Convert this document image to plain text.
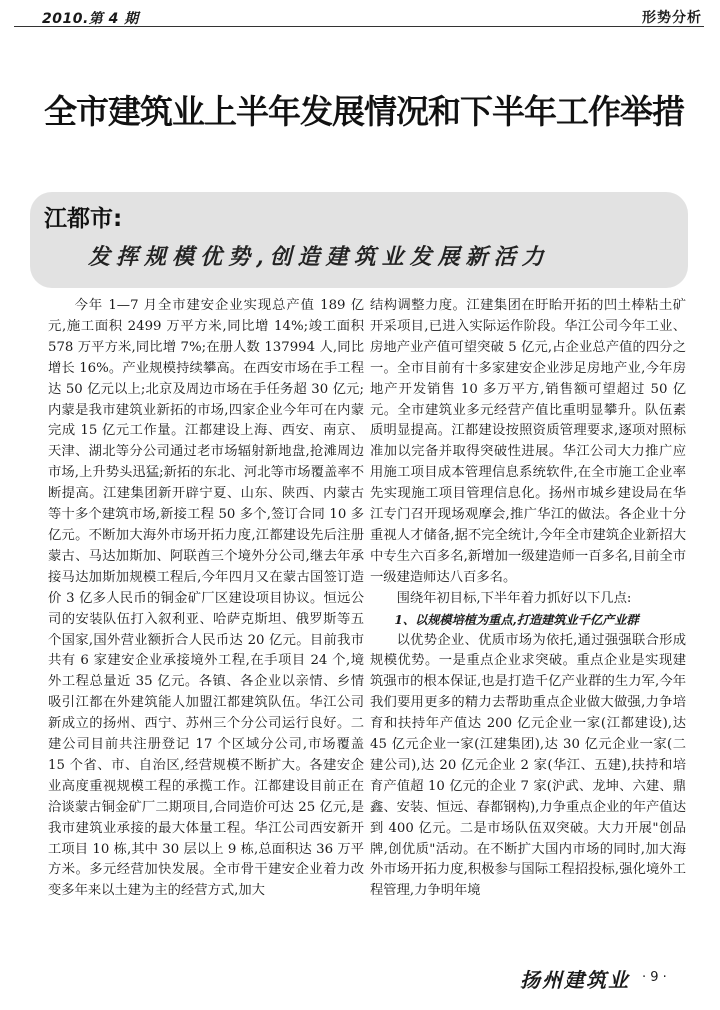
2010.第 4 期	形势分析
全市建筑业上半年发展情况和下半年工作举措
江都市:
发挥规模优势,创造建筑业发展新活力

今年 1—7 月全市建安企业实现总产值 189 亿元,施工面积 2499 万平方米,同比增 14%;竣工面积 578 万平方米,同比增 7%;在册人数 137994 人,同比增长 16%。产业规模持续攀高。在西安市场在手工程达 50 亿元以上;北京及周边市场在手任务超 30 亿元;内蒙是我市建筑业新拓的市场,四家企业今年可在内蒙完成 15 亿元工作量。江都建设上海、西安、南京、天津、湖北等分公司通过老市场辐射新地盘,抢滩周边市场,上升势头迅猛;新拓的东北、河北等市场覆盖率不断提高。江建集团新开辟宁夏、山东、陕西、内蒙古等十多个建筑市场,新接工程 50 多个,签订合同 10 多亿元。不断加大海外市场开拓力度,江都建设先后注册蒙古、马达加斯加、阿联酋三个境外分公司,继去年承接马达加斯加规模工程后,今年四月又在蒙古国签订造价 3 亿多人民币的铜金矿厂区建设项目协议。恒远公司的安装队伍打入叙利亚、哈萨克斯坦、俄罗斯等五个国家,国外营业额折合人民币达 20 亿元。目前我市共有 6 家建安企业承接境外工程,在手项目 24 个,境外工程总量近 35 亿元。各镇、各企业以亲情、乡情吸引江都在外建筑能人加盟江都建筑队伍。华江公司新成立的扬州、西宁、苏州三个分公司运行良好。二建公司目前共注册登记 17 个区域分公司,市场覆盖 15 个省、市、自治区,经营规模不断扩大。各建安企业高度重视规模工程的承揽工作。江都建设目前正在洽谈蒙古铜金矿厂二期项目,合同造价可达 25 亿元,是我市建筑业承接的最大体量工程。华江公司西安新开工项目 10 栋,其中 30 层以上 9 栋,总面积达 36 万平方米。多元经营加快发展。全市骨干建安企业着力改变多年来以土建为主的经营方式,加大

结构调整力度。江建集团在盱眙开拓的凹土棒粘土矿开采项目,已进入实际运作阶段。华江公司今年工业、房地产业产值可望突破 5 亿元,占企业总产值的四分之一。全市目前有十多家建安企业涉足房地产业,今年房地产开发销售 10 多万平方,销售额可望超过 50 亿元。全市建筑业多元经营产值比重明显攀升。队伍素质明显提高。江都建设按照资质管理要求,逐项对照标准加以完备并取得突破性进展。华江公司大力推广应用施工项目成本管理信息系统软件,在全市施工企业率先实现施工项目管理信息化。扬州市城乡建设局在华江专门召开现场观摩会,推广华江的做法。各企业十分重视人才储备,据不完全统计,今年全市建筑企业新招大中专生六百多名,新增加一级建造师一百多名,目前全市一级建造师达八百多名。

围绕年初目标,下半年着力抓好以下几点:

1、以规模培植为重点,打造建筑业千亿产业群

以优势企业、优质市场为依托,通过强强联合形成规模优势。一是重点企业求突破。重点企业是实现建筑强市的根本保证,也是打造千亿产业群的生力军,今年我们要用更多的精力去帮助重点企业做大做强,力争培育和扶持年产值达 200 亿元企业一家(江都建设),达 45 亿元企业一家(江建集团),达 30 亿元企业一家(二建公司),达 20 亿元企业 2 家(华江、五建),扶持和培育产值超 10 亿元的企业 7 家(沪武、龙坤、六建、鼎鑫、安装、恒远、春都钢构),力争重点企业的年产值达到 400 亿元。二是市场队伍双突破。大力开展"创品牌,创优质"活动。在不断扩大国内市场的同时,加大海外市场开拓力度,积极参与国际工程招投标,强化境外工程管理,力争明年境

扬州建筑业 · 9 ·
